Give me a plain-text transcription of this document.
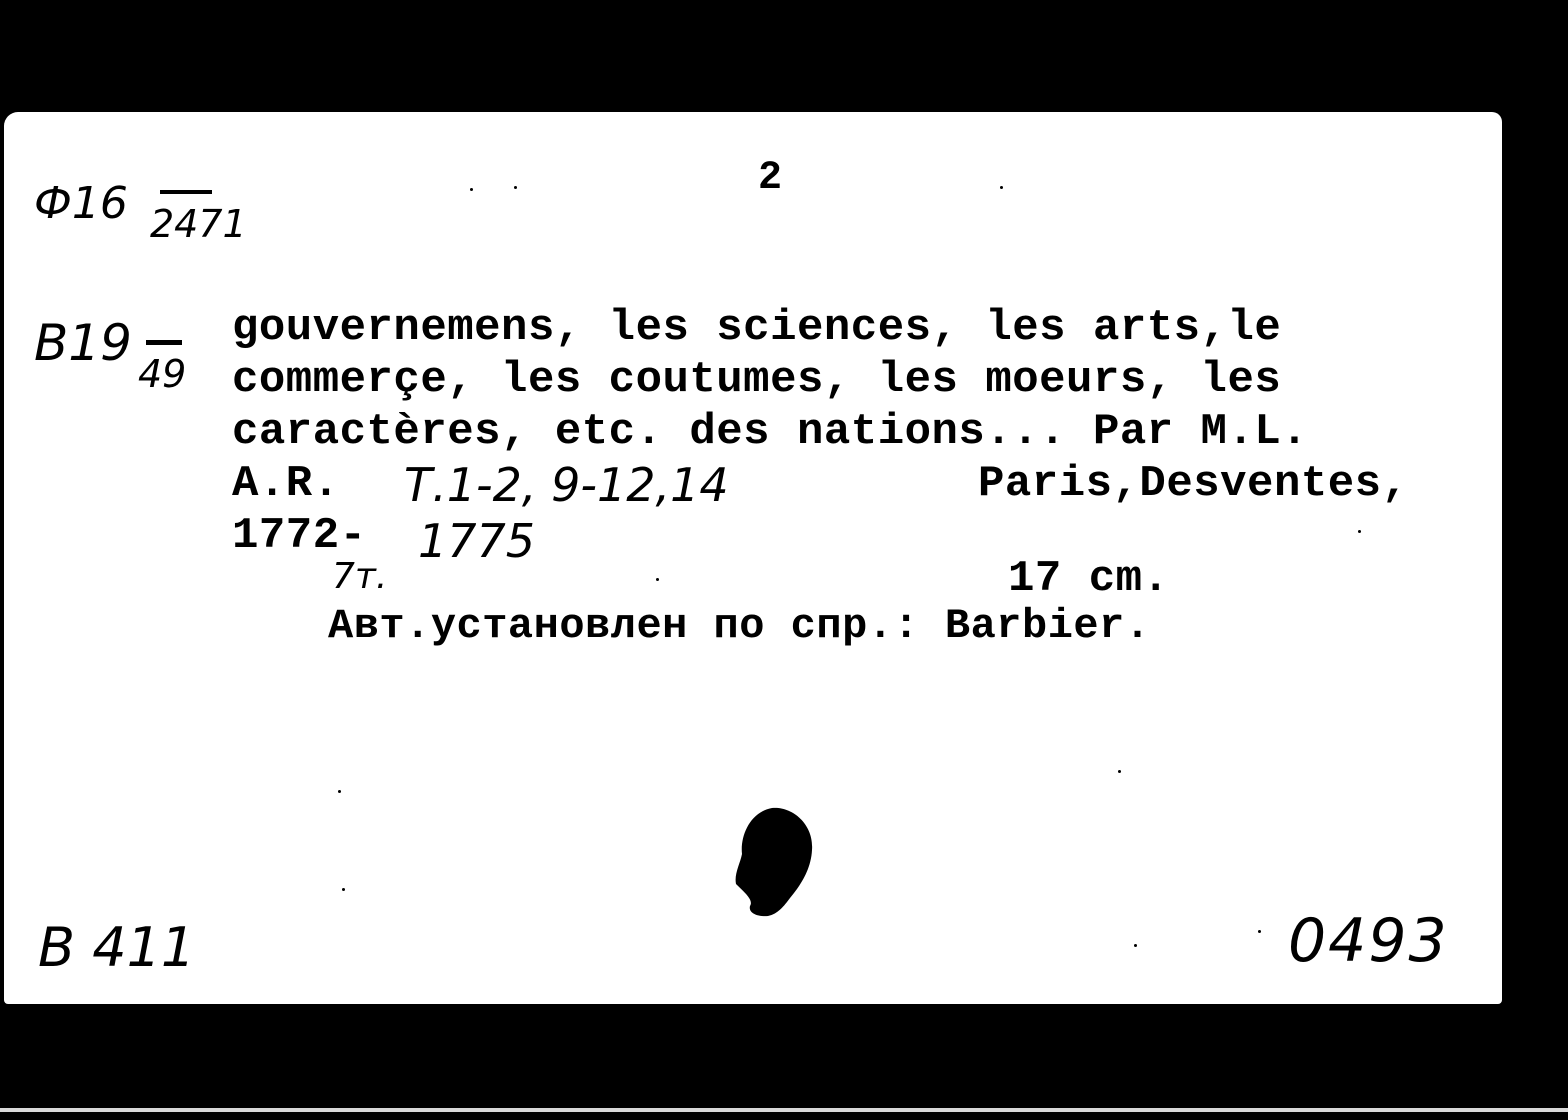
Ф16 2471
2
B19
49
gouvernemens, les sciences, les arts,le
commerçe, les coutumes, les moeurs, les
caractères, etc. des nations... Par M.L.
A.R.	Paris,Desventes,
1772-
Т.1-2, 9-12,14
1775
7т.	17 cm.
Авт.установлен по спр.: Barbier.
B 411	0493
